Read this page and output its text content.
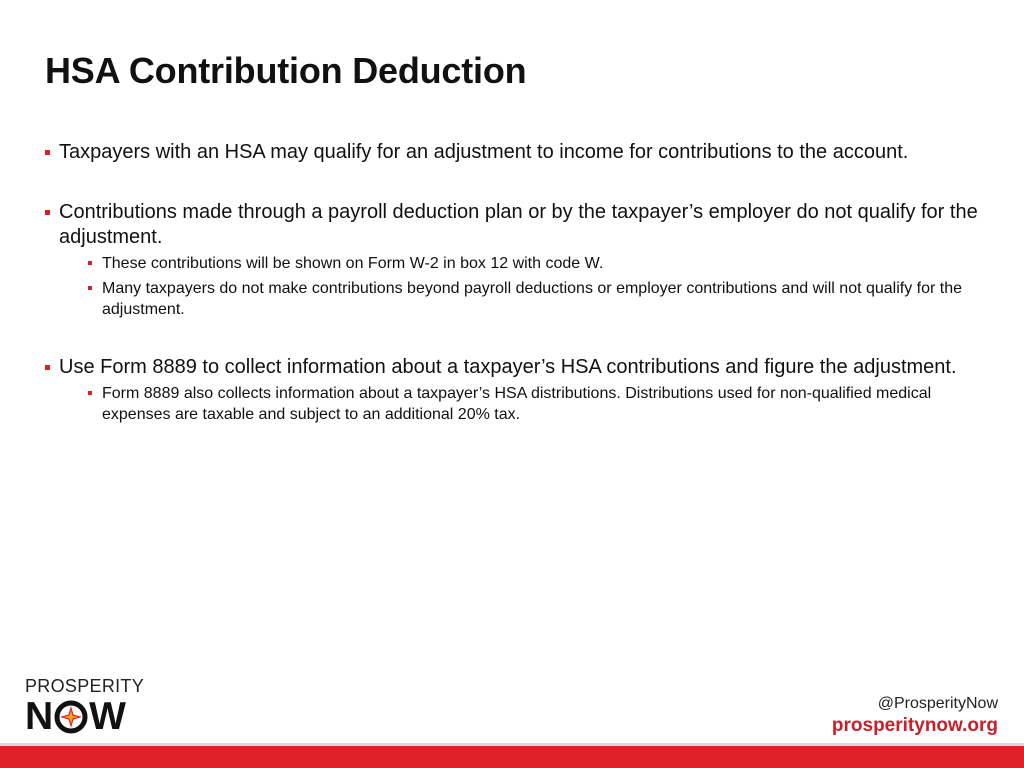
HSA Contribution Deduction
Taxpayers with an HSA may qualify for an adjustment to income for contributions to the account.
Contributions made through a payroll deduction plan or by the taxpayer’s employer do not qualify for the adjustment.
These contributions will be shown on Form W-2 in box 12 with code W.
Many taxpayers do not make contributions beyond payroll deductions or employer contributions and will not qualify for the adjustment.
Use Form 8889 to collect information about a taxpayer’s HSA contributions and figure the adjustment.
Form 8889 also collects information about a taxpayer’s HSA distributions. Distributions used for non-qualified medical expenses are taxable and subject to an additional 20% tax.
PROSPERITY
N W	@ProsperityNow
prosperitynow.org
